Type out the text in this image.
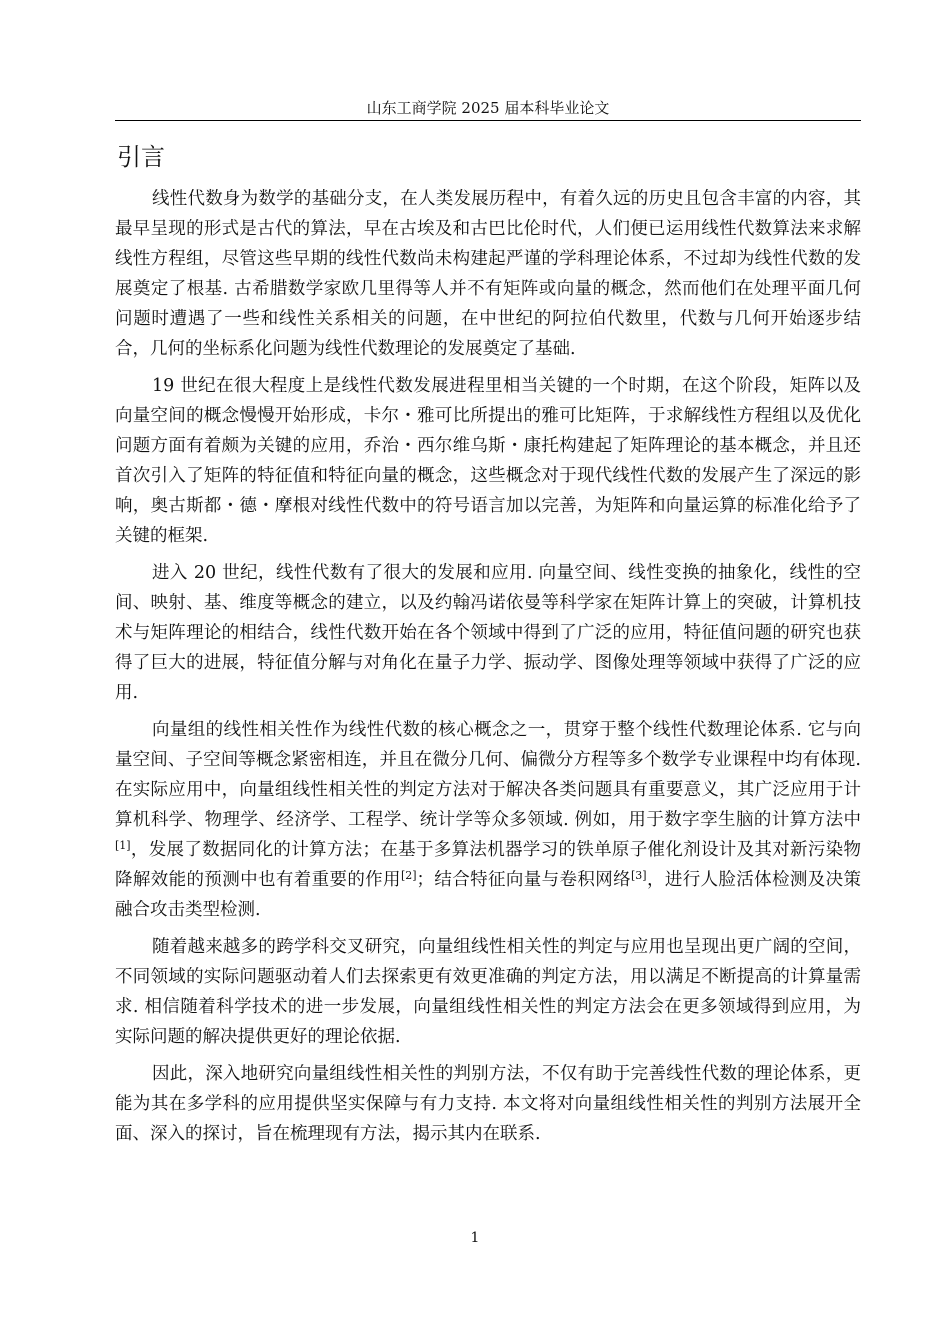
山东工商学院 2025 届本科毕业论文
引言

线性代数身为数学的基础分支，在人类发展历程中，有着久远的历史且包含丰富的内容，其最早呈现的形式是古代的算法，早在古埃及和古巴比伦时代，人们便已运用线性代数算法来求解线性方程组，尽管这些早期的线性代数尚未构建起严谨的学科理论体系，不过却为线性代数的发展奠定了根基. 古希腊数学家欧几里得等人并不有矩阵或向量的概念，然而他们在处理平面几何问题时遭遇了一些和线性关系相关的问题，在中世纪的阿拉伯代数里，代数与几何开始逐步结合，几何的坐标系化问题为线性代数理论的发展奠定了基础.

19 世纪在很大程度上是线性代数发展进程里相当关键的一个时期，在这个阶段，矩阵以及向量空间的概念慢慢开始形成，卡尔・雅可比所提出的雅可比矩阵，于求解线性方程组以及优化问题方面有着颇为关键的应用，乔治・西尔维乌斯・康托构建起了矩阵理论的基本概念，并且还首次引入了矩阵的特征值和特征向量的概念，这些概念对于现代线性代数的发展产生了深远的影响，奥古斯都・德・摩根对线性代数中的符号语言加以完善，为矩阵和向量运算的标准化给予了关键的框架.

进入 20 世纪，线性代数有了很大的发展和应用. 向量空间、线性变换的抽象化，线性的空间、映射、基、维度等概念的建立，以及约翰冯诺依曼等科学家在矩阵计算上的突破，计算机技术与矩阵理论的相结合，线性代数开始在各个领域中得到了广泛的应用，特征值问题的研究也获得了巨大的进展，特征值分解与对角化在量子力学、振动学、图像处理等领域中获得了广泛的应用.

向量组的线性相关性作为线性代数的核心概念之一，贯穿于整个线性代数理论体系. 它与向量空间、子空间等概念紧密相连，并且在微分几何、偏微分方程等多个数学专业课程中均有体现. 在实际应用中，向量组线性相关性的判定方法对于解决各类问题具有重要意义，其广泛应用于计算机科学、物理学、经济学、工程学、统计学等众多领域. 例如，用于数字孪生脑的计算方法中[1]，发展了数据同化的计算方法；在基于多算法机器学习的铁单原子催化剂设计及其对新污染物降解效能的预测中也有着重要的作用[2]；结合特征向量与卷积网络[3]，进行人脸活体检测及决策融合攻击类型检测.

随着越来越多的跨学科交叉研究，向量组线性相关性的判定与应用也呈现出更广阔的空间，不同领域的实际问题驱动着人们去探索更有效更准确的判定方法，用以满足不断提高的计算量需求. 相信随着科学技术的进一步发展，向量组线性相关性的判定方法会在更多领域得到应用，为实际问题的解决提供更好的理论依据.

因此，深入地研究向量组线性相关性的判别方法，不仅有助于完善线性代数的理论体系，更能为其在多学科的应用提供坚实保障与有力支持. 本文将对向量组线性相关性的判别方法展开全面、深入的探讨，旨在梳理现有方法，揭示其内在联系.

1
